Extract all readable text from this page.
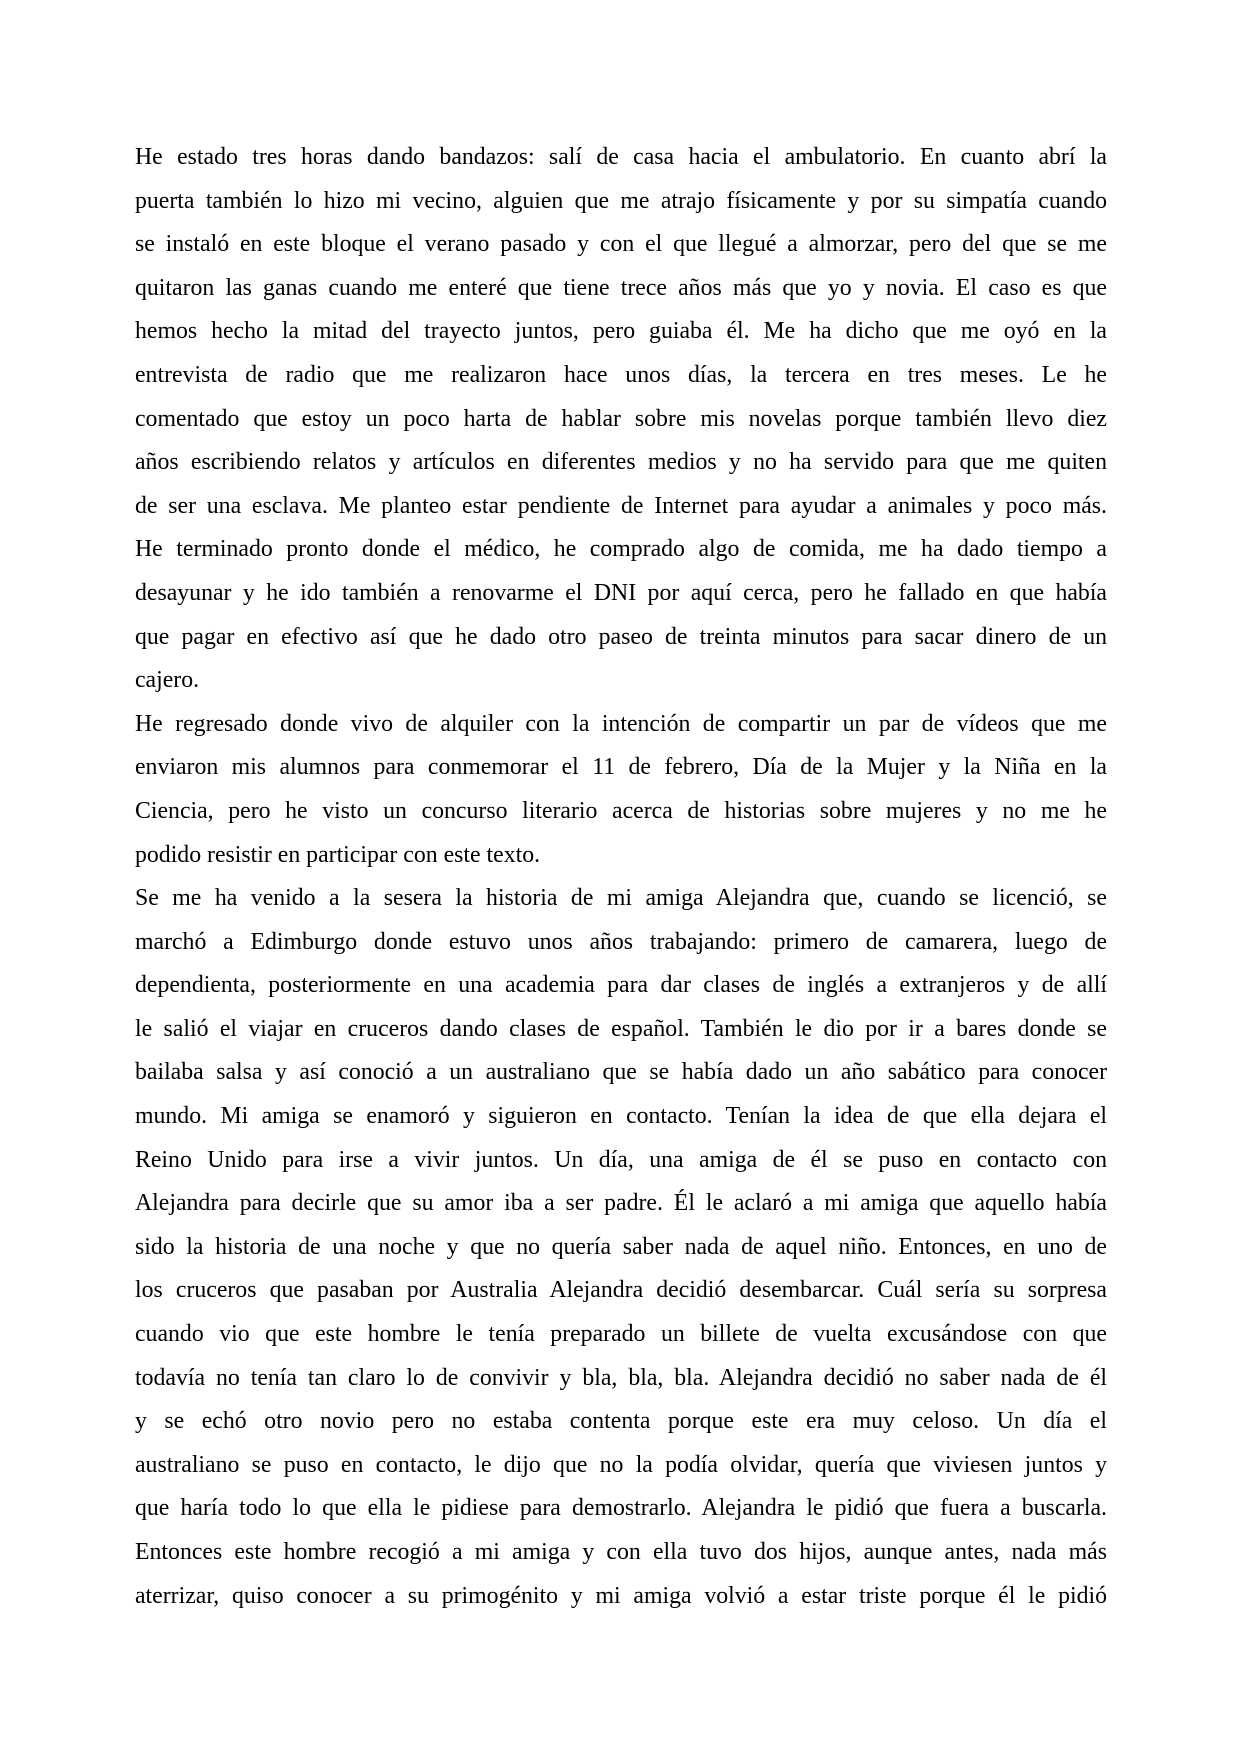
He estado tres horas dando bandazos: salí de casa hacia el ambulatorio. En cuanto abrí la
puerta también lo hizo mi vecino, alguien que me atrajo físicamente y por su simpatía cuando
se instaló en este bloque el verano pasado y con el que llegué a almorzar, pero del que se me
quitaron las ganas cuando me enteré que tiene trece años más que yo y novia. El caso es que
hemos hecho la mitad del trayecto juntos, pero guiaba él. Me ha dicho que me oyó en la
entrevista de radio que me realizaron hace unos días, la tercera en tres meses. Le he
comentado que estoy un poco harta de hablar sobre mis novelas porque también llevo diez
años escribiendo relatos y artículos en diferentes medios y no ha servido para que me quiten
de ser una esclava. Me planteo estar pendiente de Internet para ayudar a animales y poco más.
He terminado pronto donde el médico, he comprado algo de comida, me ha dado tiempo a
desayunar y he ido también a renovarme el DNI por aquí cerca, pero he fallado en que había
que pagar en efectivo así que he dado otro paseo de treinta minutos para sacar dinero de un
cajero.
He regresado donde vivo de alquiler con la intención de compartir un par de vídeos que me
enviaron mis alumnos para conmemorar el 11 de febrero, Día de la Mujer y la Niña en la
Ciencia, pero he visto un concurso literario acerca de historias sobre mujeres y no me he
podido resistir en participar con este texto.
Se me ha venido a la sesera la historia de mi amiga Alejandra que, cuando se licenció, se
marchó a Edimburgo donde estuvo unos años trabajando: primero de camarera, luego de
dependienta, posteriormente en una academia para dar clases de inglés a extranjeros y de allí
le salió el viajar en cruceros dando clases de español. También le dio por ir a bares donde se
bailaba salsa y así conoció a un australiano que se había dado un año sabático para conocer
mundo. Mi amiga se enamoró y siguieron en contacto. Tenían la idea de que ella dejara el
Reino Unido para irse a vivir juntos. Un día, una amiga de él se puso en contacto con
Alejandra para decirle que su amor iba a ser padre. Él le aclaró a mi amiga que aquello había
sido la historia de una noche y que no quería saber nada de aquel niño. Entonces, en uno de
los cruceros que pasaban por Australia Alejandra decidió desembarcar. Cuál sería su sorpresa
cuando vio que este hombre le tenía preparado un billete de vuelta excusándose con que
todavía no tenía tan claro lo de convivir y bla, bla, bla. Alejandra decidió no saber nada de él
y se echó otro novio pero no estaba contenta porque este era muy celoso. Un día el
australiano se puso en contacto, le dijo que no la podía olvidar, quería que viviesen juntos y
que haría todo lo que ella le pidiese para demostrarlo. Alejandra le pidió que fuera a buscarla.
Entonces este hombre recogió a mi amiga y con ella tuvo dos hijos, aunque antes, nada más
aterrizar, quiso conocer a su primogénito y mi amiga volvió a estar triste porque él le pidió
